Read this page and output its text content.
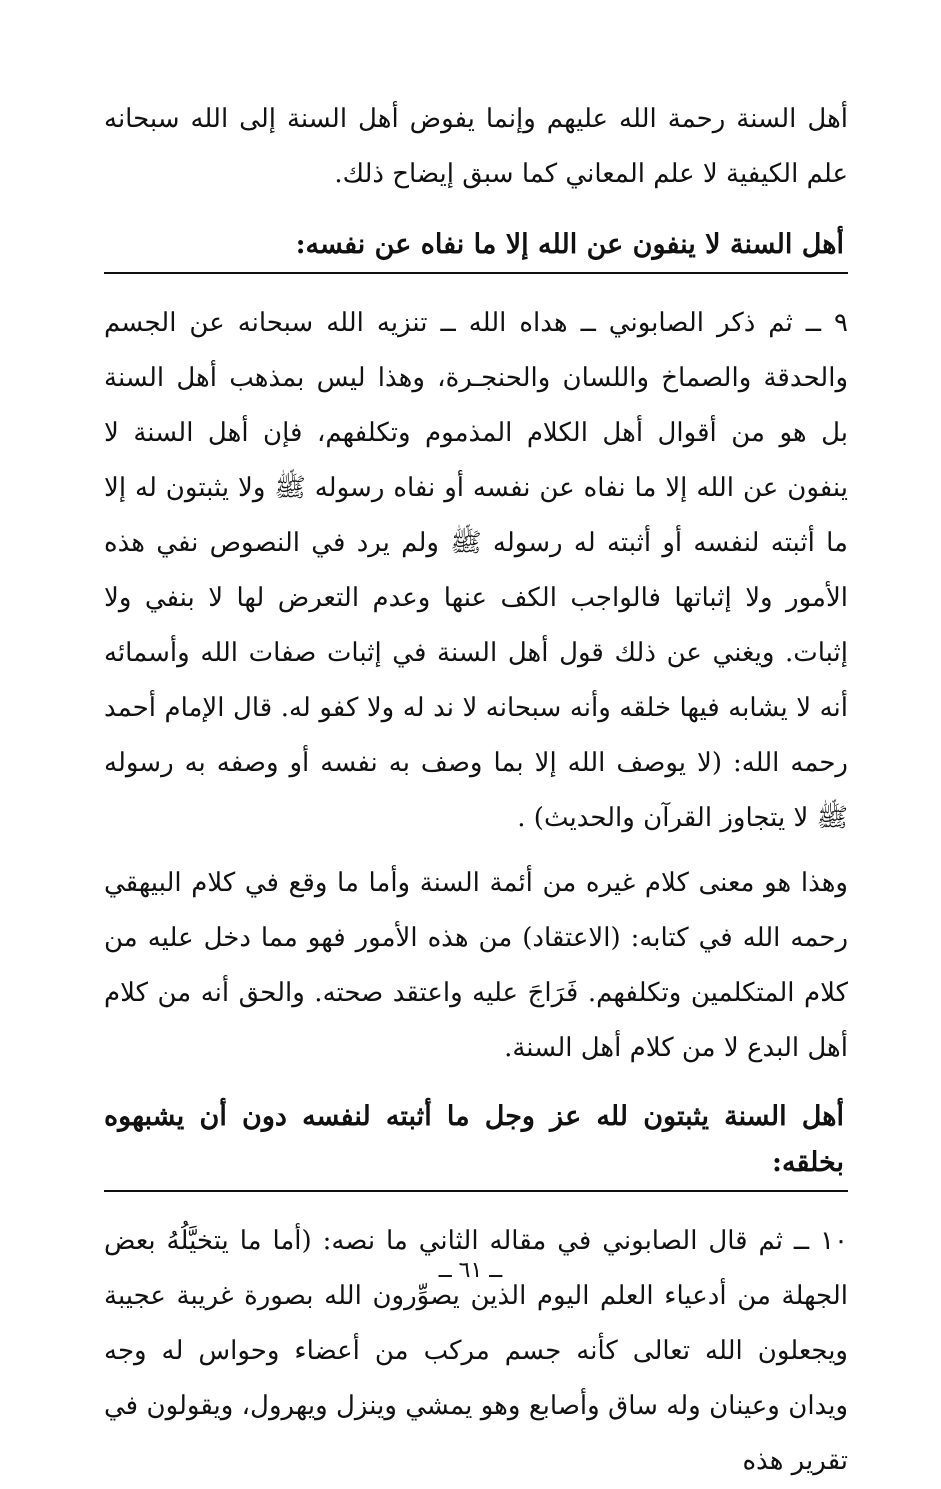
أهل السنة رحمة الله عليهم وإنما يفوض أهل السنة إلى الله سبحانه علم الكيفية لا علم المعاني كما سبق إيضاح ذلك.

أهل السنة لا ينفون عن الله إلا ما نفاه عن نفسه:

٩ ــ ثم ذكر الصابوني ــ هداه الله ــ تنزيه الله سبحانه عن الجسم والحدقة والصماخ واللسان والحنجـرة، وهذا ليس بمذهب أهل السنة بل هو من أقوال أهل الكلام المذموم وتكلفهم، فإن أهل السنة لا ينفون عن الله إلا ما نفاه عن نفسه أو نفاه رسوله ﷺ ولا يثبتون له إلا ما أثبته لنفسه أو أثبته له رسوله ﷺ ولم يرد في النصوص نفي هذه الأمور ولا إثباتها فالواجب الكف عنها وعدم التعرض لها لا بنفي ولا إثبات. ويغني عن ذلك قول أهل السنة في إثبات صفات الله وأسمائه أنه لا يشابه فيها خلقه وأنه سبحانه لا ند له ولا كفو له. قال الإمام أحمد رحمه الله: (لا يوصف الله إلا بما وصف به نفسه أو وصفه به رسوله ﷺ لا يتجاوز القرآن والحديث) .

وهذا هو معنى كلام غيره من أئمة السنة وأما ما وقع في كلام البيهقي رحمه الله في كتابه: (الاعتقاد) من هذه الأمور فهو مما دخل عليه من كلام المتكلمين وتكلفهم. فَرَاجَ عليه واعتقد صحته. والحق أنه من كلام أهل البدع لا من كلام أهل السنة.

أهل السنة يثبتون لله عز وجل ما أثبته لنفسه دون أن يشبهوه بخلقه:

١٠ ــ ثم قال الصابوني في مقاله الثاني ما نصه: (أما ما يتخيَّلُهُ بعض الجهلة من أدعياء العلم اليوم الذين يصوِّرون الله بصورة غريبة عجيبة ويجعلون الله تعالى كأنه جسم مركب من أعضاء وحواس له وجه ويدان وعينان وله ساق وأصابع وهو يمشي وينزل ويهرول، ويقولون في تقرير هذه

ــ ٦١ ــ
